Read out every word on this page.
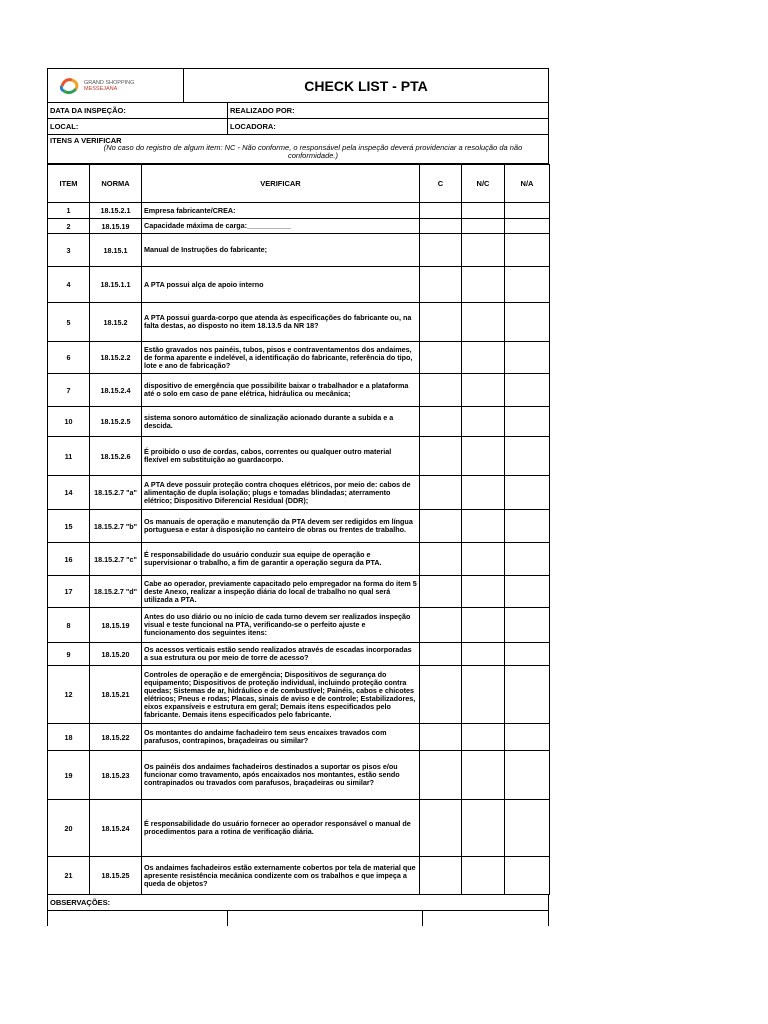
GRAND SHOPPING
MESSEJANA	CHECK LIST - PTA
DATA DA INSPEÇÃO:	REALIZADO POR:
LOCAL:	LOCADORA:
ITENS A VERIFICAR
(No caso do registro de algum item: NC - Não conforme, o responsável pela inspeção deverá providenciar a resolução da não conformidade.)
ITEM	NORMA	VERIFICAR	C	N/C	N/A
1	18.15.2.1	Empresa fabricante/CREA:			
2	18.15.19	Capacidade máxima de carga:___________			
3	18.15.1	Manual de Instruções do fabricante;			
4	18.15.1.1	A PTA possui alça de apoio interno			
5	18.15.2	A PTA possui guarda-corpo que atenda às especificações do fabricante ou, na falta destas, ao disposto no item 18.13.5 da NR 18?			
6	18.15.2.2	Estão gravados nos painéis, tubos, pisos e contraventamentos dos andaimes, de forma aparente e indelével, a identificação do fabricante, referência do tipo, lote e ano de fabricação?			
7	18.15.2.4	dispositivo de emergência que possibilite baixar o trabalhador e a plataforma até o solo em caso de pane elétrica, hidráulica ou mecânica;			
10	18.15.2.5	sistema sonoro automático de sinalização acionado durante a subida e a descida.			
11	18.15.2.6	É proibido o uso de cordas, cabos, correntes ou qualquer outro material flexível em substituição ao guardacorpo.			
14	18.15.2.7 "a"	A PTA deve possuir proteção contra choques elétricos, por meio de: cabos de alimentação de dupla isolação; plugs e tomadas blindadas; aterramento elétrico; Dispositivo Diferencial Residual (DDR);			
15	18.15.2.7 "b"	Os manuais de operação e manutenção da PTA devem ser redigidos em língua portuguesa e estar à disposição no canteiro de obras ou frentes de trabalho.			
16	18.15.2.7 "c"	É responsabilidade do usuário conduzir sua equipe de operação e supervisionar o trabalho, a fim de garantir a operação segura da PTA.			
17	18.15.2.7 "d"	Cabe ao operador, previamente capacitado pelo empregador na forma do item 5 deste Anexo, realizar a inspeção diária do local de trabalho no qual será utilizada a PTA.			
8	18.15.19	Antes do uso diário ou no início de cada turno devem ser realizados inspeção visual e teste funcional na PTA, verificando-se o perfeito ajuste e funcionamento dos seguintes itens:			
9	18.15.20	Os acessos verticais estão sendo realizados através de escadas incorporadas a sua estrutura ou por meio de torre de acesso?			
12	18.15.21	Controles de operação e de emergência; Dispositivos de segurança do equipamento; Dispositivos de proteção individual, incluindo proteção contra quedas; Sistemas de ar, hidráulico e de combustível; Painéis, cabos e chicotes elétricos; Pneus e rodas; Placas, sinais de aviso e de controle; Estabilizadores, eixos expansíveis e estrutura em geral; Demais itens especificados pelo fabricante. Demais itens especificados pelo fabricante.			
18	18.15.22	Os montantes do andaime fachadeiro tem seus encaixes travados com parafusos, contrapinos, braçadeiras ou similar?			
19	18.15.23	Os painéis dos andaimes fachadeiros destinados a suportar os pisos e/ou funcionar como travamento, após encaixados nos montantes, estão sendo contrapinados ou travados com parafusos, braçadeiras ou similar?			
20	18.15.24	É responsabilidade do usuário fornecer ao operador responsável o manual de procedimentos para a rotina de verificação diária.			
21	18.15.25	Os andaimes fachadeiros estão externamente cobertos por tela de material que apresente resistência mecânica condizente com os trabalhos e que impeça a queda de objetos?			
OBSERVAÇÕES:
